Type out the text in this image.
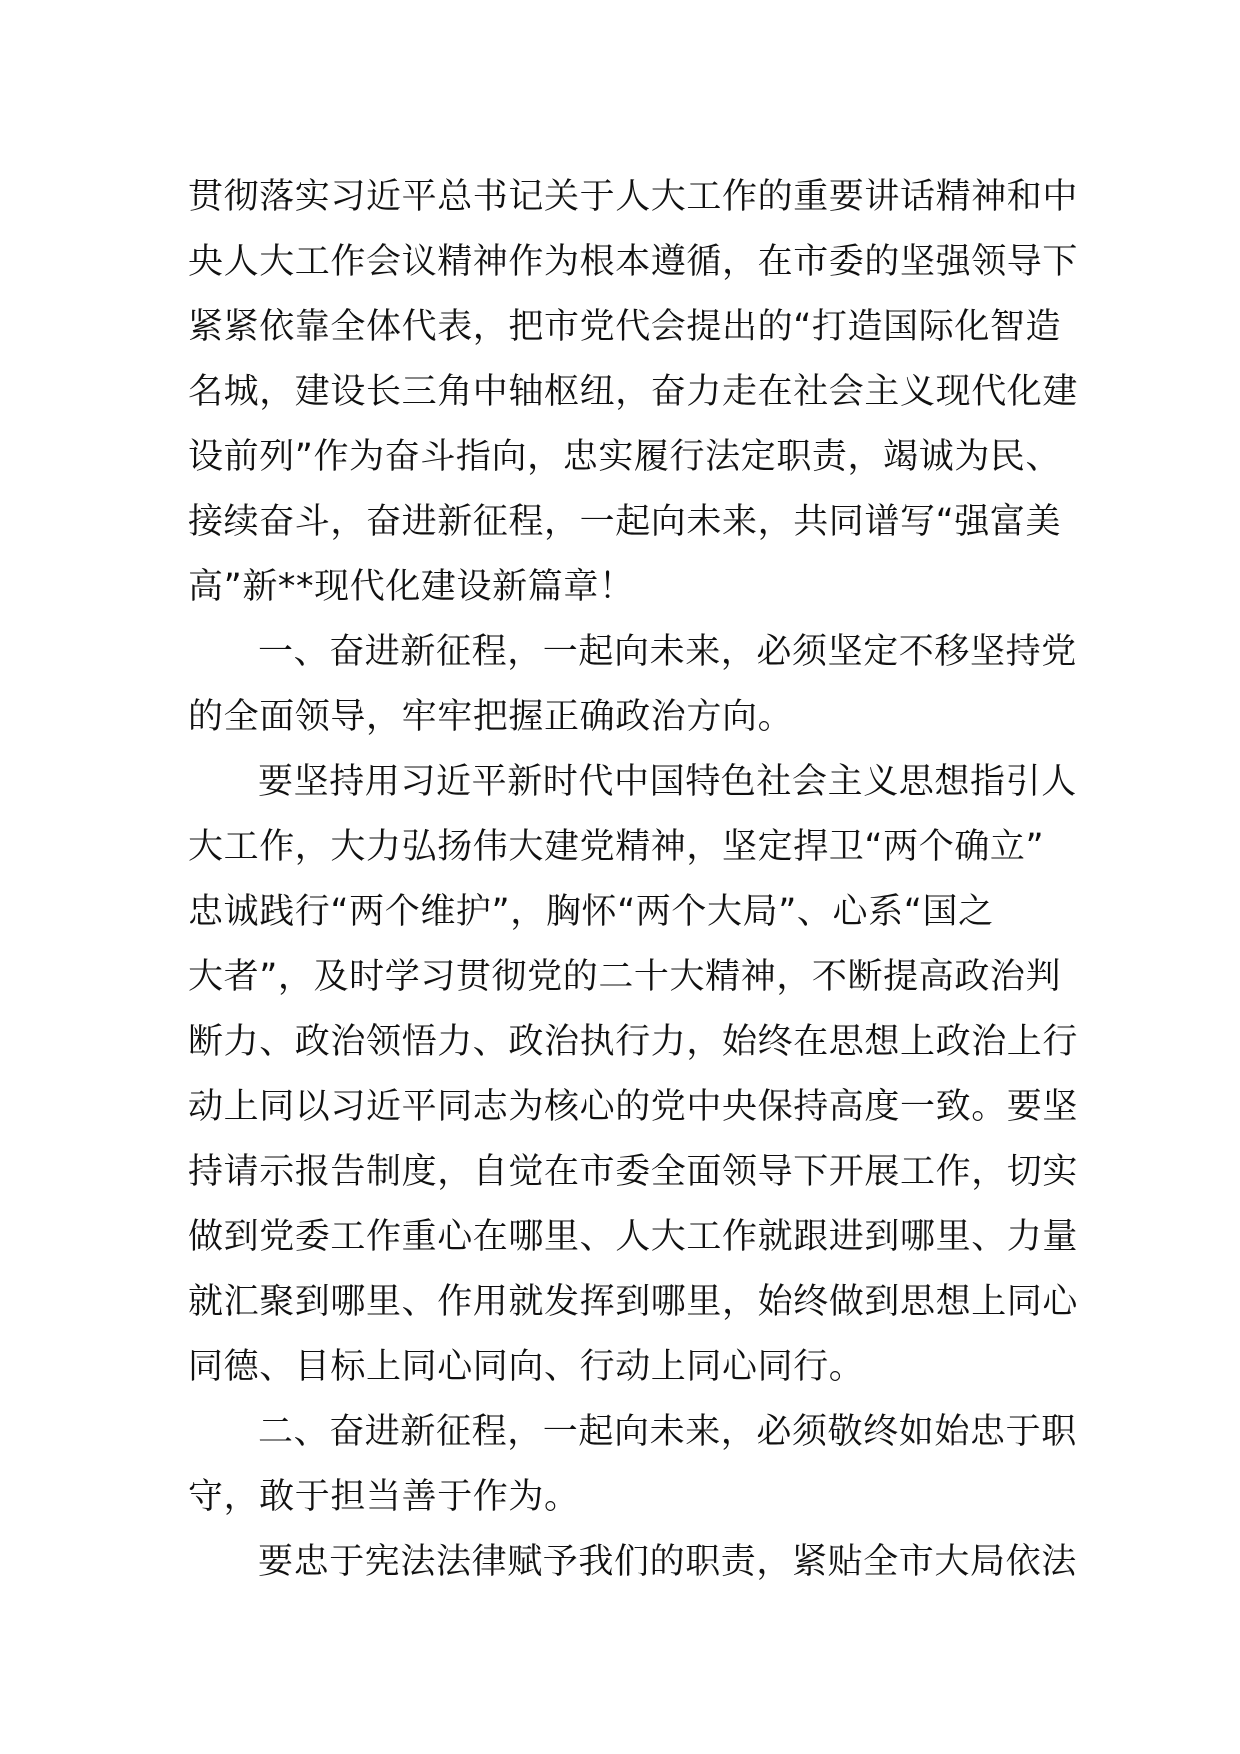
贯彻落实习近平总书记关于人大工作的重要讲话精神和中
央人大工作会议精神作为根本遵循，在市委的坚强领导下
紧紧依靠全体代表，把市党代会提出的“打造国际化智造
名城，建设长三角中轴枢纽，奋力走在社会主义现代化建
设前列”作为奋斗指向，忠实履行法定职责，竭诚为民、
接续奋斗，奋进新征程，一起向未来，共同谱写“强富美
高”新**现代化建设新篇章！
一、奋进新征程，一起向未来，必须坚定不移坚持党
的全面领导，牢牢把握正确政治方向。
要坚持用习近平新时代中国特色社会主义思想指引人
大工作，大力弘扬伟大建党精神，坚定捍卫“两个确立”
忠诚践行“两个维护”，胸怀“两个大局”、心系“国之
大者”，及时学习贯彻党的二十大精神，不断提高政治判
断力、政治领悟力、政治执行力，始终在思想上政治上行
动上同以习近平同志为核心的党中央保持高度一致。要坚
持请示报告制度，自觉在市委全面领导下开展工作，切实
做到党委工作重心在哪里、人大工作就跟进到哪里、力量
就汇聚到哪里、作用就发挥到哪里，始终做到思想上同心
同德、目标上同心同向、行动上同心同行。
二、奋进新征程，一起向未来，必须敬终如始忠于职
守，敢于担当善于作为。
要忠于宪法法律赋予我们的职责，紧贴全市大局依法
